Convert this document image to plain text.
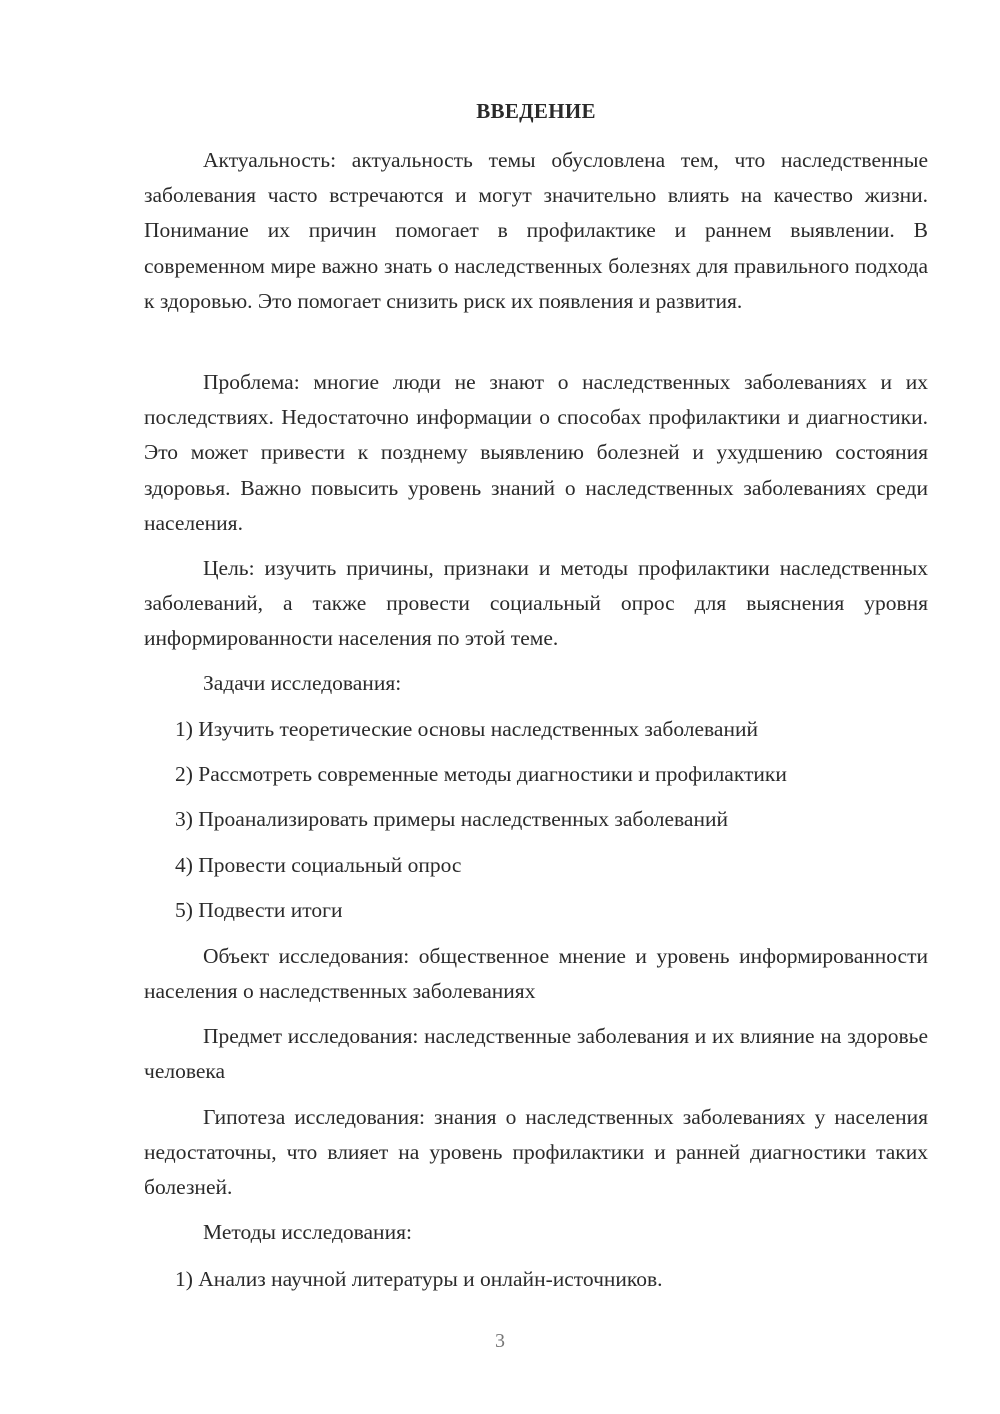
ВВЕДЕНИЕ

Актуальность: актуальность темы обусловлена тем, что наследственные заболевания часто встречаются и могут значительно влиять на качество жизни. Понимание их причин помогает в профилактике и раннем выявлении. В современном мире важно знать о наследственных болезнях для правильного подхода к здоровью. Это помогает снизить риск их появления и развития.

Проблема: многие люди не знают о наследственных заболеваниях и их последствиях. Недостаточно информации о способах профилактики и диагностики. Это может привести к позднему выявлению болезней и ухудшению состояния здоровья. Важно повысить уровень знаний о наследственных заболеваниях среди населения.

Цель: изучить причины, признаки и методы профилактики наследственных заболеваний, а также провести социальный опрос для выяснения уровня информированности населения по этой теме.

Задачи исследования:
1) Изучить теоретические основы наследственных заболеваний
2) Рассмотреть современные методы диагностики и профилактики
3) Проанализировать примеры наследственных заболеваний
4) Провести социальный опрос
5) Подвести итоги

Объект исследования: общественное мнение и уровень информированности населения о наследственных заболеваниях

Предмет исследования: наследственные заболевания и их влияние на здоровье человека

Гипотеза исследования: знания о наследственных заболеваниях у населения недостаточны, что влияет на уровень профилактики и ранней диагностики таких болезней.

Методы исследования:
1) Анализ научной литературы и онлайн-источников.
3
